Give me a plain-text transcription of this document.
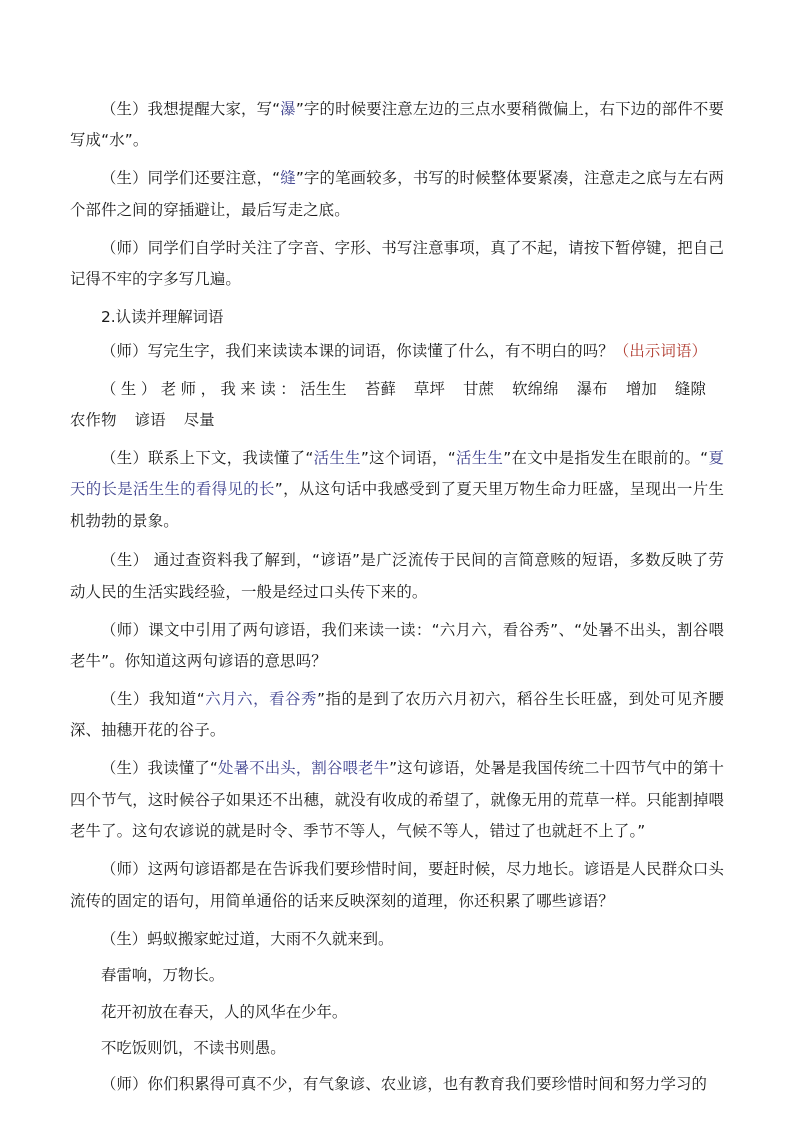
（生）我想提醒大家，写“瀑”字的时候要注意左边的三点水要稍微偏上，右下边的部件不要写成“水”。

（生）同学们还要注意，“缝”字的笔画较多，书写的时候整体要紧凑，注意走之底与左右两个部件之间的穿插避让，最后写走之底。

（师）同学们自学时关注了字音、字形、书写注意事项，真了不起，请按下暂停键，把自己记得不牢的字多写几遍。

2.认读并理解词语

（师）写完生字，我们来读读本课的词语，你读懂了什么，有不明白的吗？（出示词语）

（生）老师，我来读：活生生 苔藓 草坪 甘蔗 软绵绵 瀑布 增加 缝隙农作物 谚语 尽量

（生）联系上下文，我读懂了“活生生”这个词语，“活生生”在文中是指发生在眼前的。“夏天的长是活生生的看得见的长”，从这句话中我感受到了夏天里万物生命力旺盛，呈现出一片生机勃勃的景象。

（生） 通过查资料我了解到，“谚语”是广泛流传于民间的言简意赅的短语，多数反映了劳动人民的生活实践经验，一般是经过口头传下来的。

（师）课文中引用了两句谚语，我们来读一读：“六月六，看谷秀”、“处暑不出头，割谷喂老牛”。你知道这两句谚语的意思吗？

（生）我知道“六月六，看谷秀”指的是到了农历六月初六，稻谷生长旺盛，到处可见齐腰深、抽穗开花的谷子。

（生）我读懂了“处暑不出头，割谷喂老牛”这句谚语，处暑是我国传统二十四节气中的第十四个节气，这时候谷子如果还不出穗，就没有收成的希望了，就像无用的荒草一样。只能割掉喂老牛了。这句农谚说的就是时令、季节不等人，气候不等人，错过了也就赶不上了。”

（师）这两句谚语都是在告诉我们要珍惜时间，要赶时候，尽力地长。谚语是人民群众口头流传的固定的语句，用简单通俗的话来反映深刻的道理，你还积累了哪些谚语？

（生）蚂蚁搬家蛇过道，大雨不久就来到。

春雷响，万物长。

花开初放在春天，人的风华在少年。

不吃饭则饥，不读书则愚。

（师）你们积累得可真不少，有气象谚、农业谚，也有教育我们要珍惜时间和努力学习的
